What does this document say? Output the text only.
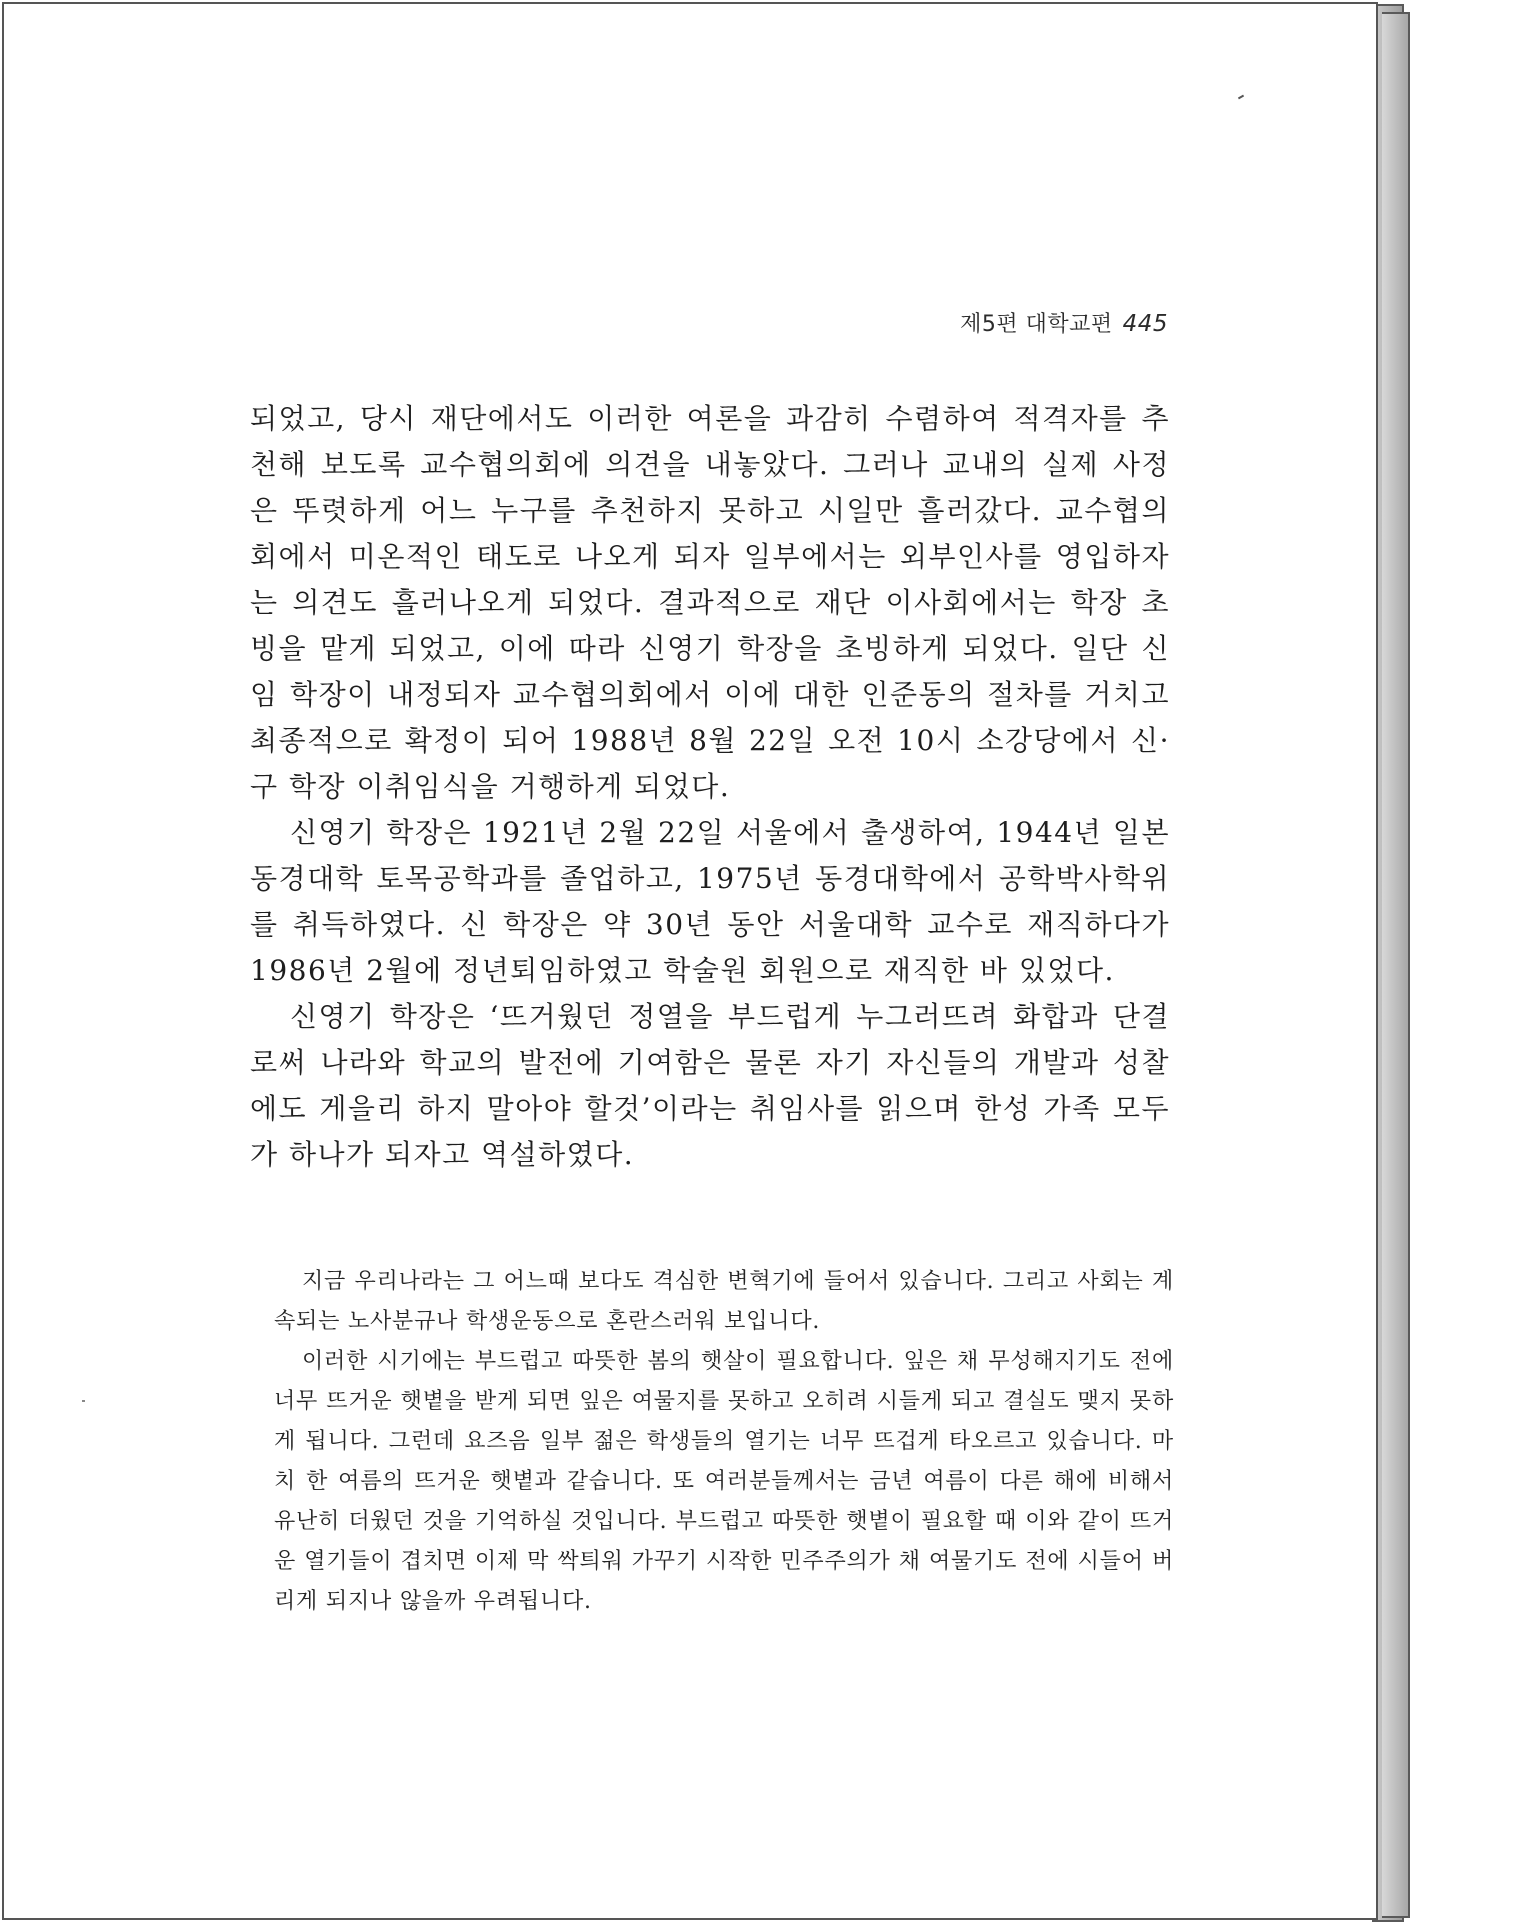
제5편 대학교편 445

되었고, 당시 재단에서도 이러한 여론을 과감히 수렴하여 적격자를 추천해 보도록 교수협의회에 의견을 내놓았다. 그러나 교내의 실제 사정은 뚜렷하게 어느 누구를 추천하지 못하고 시일만 흘러갔다. 교수협의회에서 미온적인 태도로 나오게 되자 일부에서는 외부인사를 영입하자는 의견도 흘러나오게 되었다. 결과적으로 재단 이사회에서는 학장 초빙을 맡게 되었고, 이에 따라 신영기 학장을 초빙하게 되었다. 일단 신임 학장이 내정되자 교수협의회에서 이에 대한 인준동의 절차를 거치고 최종적으로 확정이 되어 1988년 8월 22일 오전 10시 소강당에서 신·구 학장 이취임식을 거행하게 되었다.

신영기 학장은 1921년 2월 22일 서울에서 출생하여, 1944년 일본 동경대학 토목공학과를 졸업하고, 1975년 동경대학에서 공학박사학위를 취득하였다. 신 학장은 약 30년 동안 서울대학 교수로 재직하다가 1986년 2월에 정년퇴임하였고 학술원 회원으로 재직한 바 있었다.

신영기 학장은 ‘뜨거웠던 정열을 부드럽게 누그러뜨려 화합과 단결로써 나라와 학교의 발전에 기여함은 물론 자기 자신들의 개발과 성찰에도 게을리 하지 말아야 할것’이라는 취임사를 읽으며 한성 가족 모두가 하나가 되자고 역설하였다.

지금 우리나라는 그 어느때 보다도 격심한 변혁기에 들어서 있습니다. 그리고 사회는 계속되는 노사분규나 학생운동으로 혼란스러워 보입니다.

이러한 시기에는 부드럽고 따뜻한 봄의 햇살이 필요합니다. 잎은 채 무성해지기도 전에 너무 뜨거운 햇볕을 받게 되면 잎은 여물지를 못하고 오히려 시들게 되고 결실도 맺지 못하게 됩니다. 그런데 요즈음 일부 젊은 학생들의 열기는 너무 뜨겁게 타오르고 있습니다. 마치 한 여름의 뜨거운 햇볕과 같습니다. 또 여러분들께서는 금년 여름이 다른 해에 비해서 유난히 더웠던 것을 기억하실 것입니다. 부드럽고 따뜻한 햇볕이 필요할 때 이와 같이 뜨거운 열기들이 겹치면 이제 막 싹틔워 가꾸기 시작한 민주주의가 채 여물기도 전에 시들어 버리게 되지나 않을까 우려됩니다.
